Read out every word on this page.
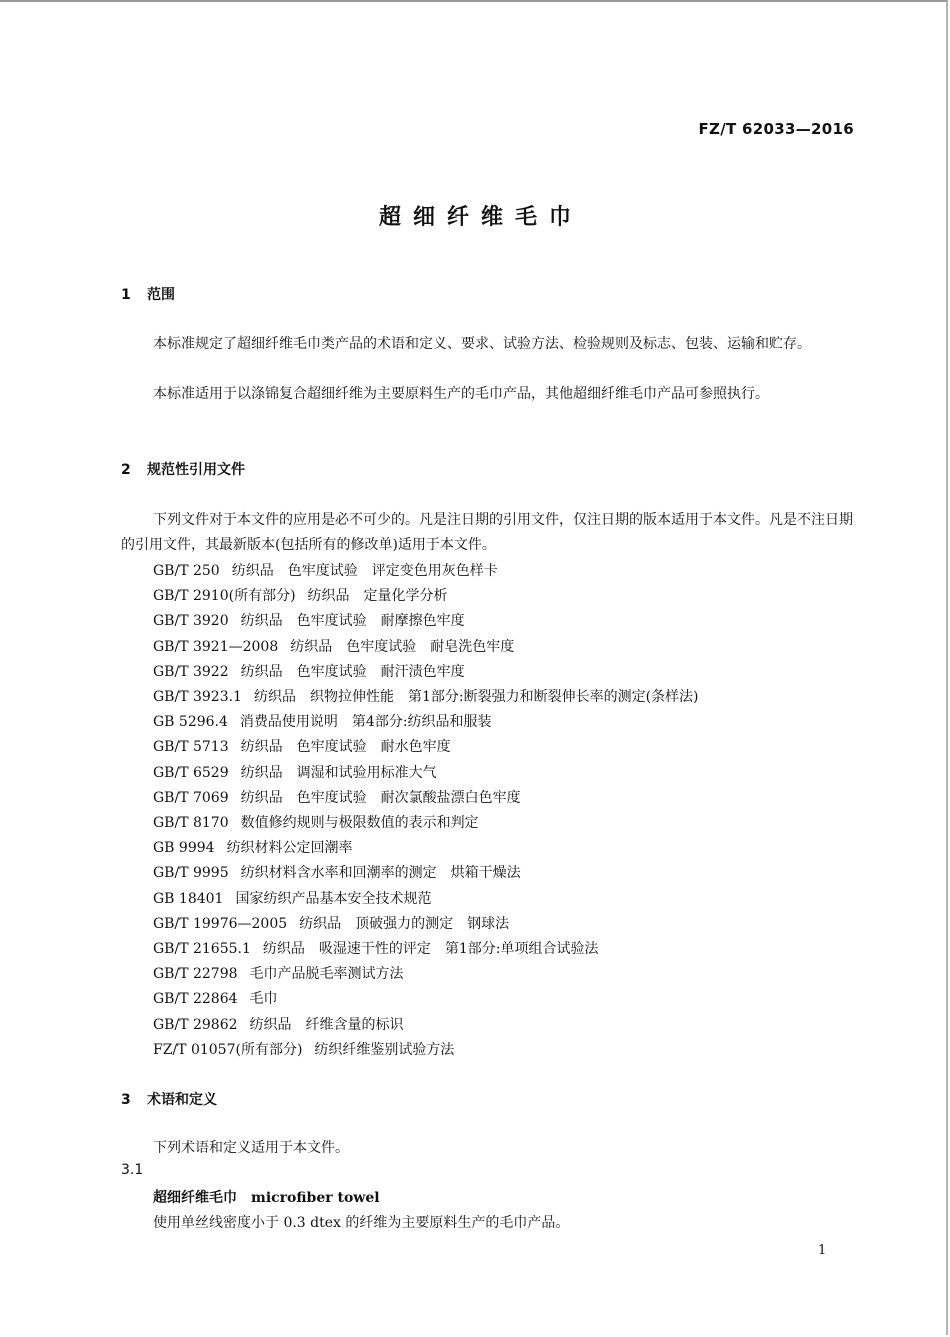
FZ/T 62033—2016
超细纤维毛巾
1 范围
本标准规定了超细纤维毛巾类产品的术语和定义、要求、试验方法、检验规则及标志、包装、运输和贮存。
本标准适用于以涤锦复合超细纤维为主要原料生产的毛巾产品，其他超细纤维毛巾产品可参照执行。
2 规范性引用文件
下列文件对于本文件的应用是必不可少的。凡是注日期的引用文件，仅注日期的版本适用于本文件。凡是不注日期的引用文件，其最新版本(包括所有的修改单)适用于本文件。
GB/T 250 纺织品　色牢度试验　评定变色用灰色样卡
GB/T 2910(所有部分) 纺织品　定量化学分析
GB/T 3920 纺织品　色牢度试验　耐摩擦色牢度
GB/T 3921—2008 纺织品　色牢度试验　耐皂洗色牢度
GB/T 3922 纺织品　色牢度试验　耐汗渍色牢度
GB/T 3923.1 纺织品　织物拉伸性能　第1部分:断裂强力和断裂伸长率的测定(条样法)
GB 5296.4 消费品使用说明　第4部分:纺织品和服装
GB/T 5713 纺织品　色牢度试验　耐水色牢度
GB/T 6529 纺织品　调湿和试验用标准大气
GB/T 7069 纺织品　色牢度试验　耐次氯酸盐漂白色牢度
GB/T 8170 数值修约规则与极限数值的表示和判定
GB 9994 纺织材料公定回潮率
GB/T 9995 纺织材料含水率和回潮率的测定　烘箱干燥法
GB 18401 国家纺织产品基本安全技术规范
GB/T 19976—2005 纺织品　顶破强力的测定　钢球法
GB/T 21655.1 纺织品　吸湿速干性的评定　第1部分:单项组合试验法
GB/T 22798 毛巾产品脱毛率测试方法
GB/T 22864 毛巾
GB/T 29862 纺织品　纤维含量的标识
FZ/T 01057(所有部分) 纺织纤维鉴别试验方法
3 术语和定义
下列术语和定义适用于本文件。
3.1
超细纤维毛巾 microfiber towel
使用单丝线密度小于 0.3 dtex 的纤维为主要原料生产的毛巾产品。
1
